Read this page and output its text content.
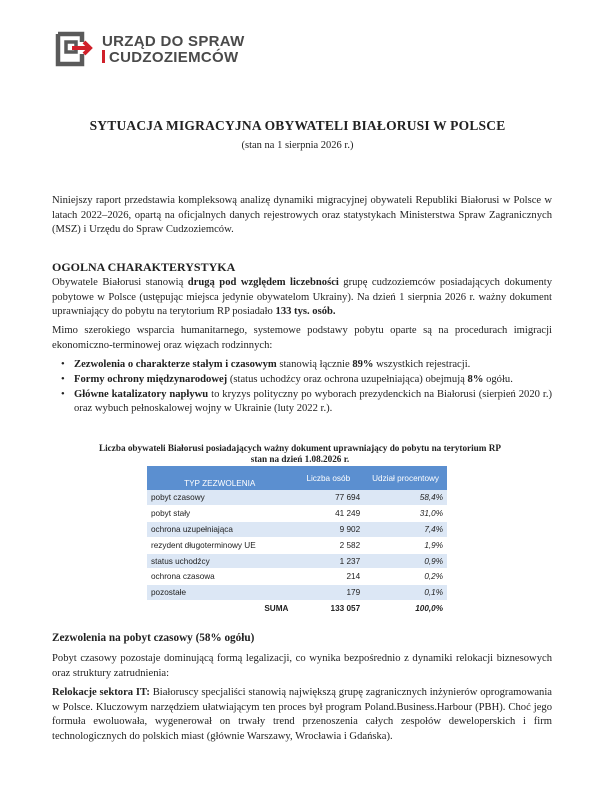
URZĄD DO SPRAW
CUDZOZIEMCÓW
SYTUACJA MIGRACYJNA OBYWATELI BIAŁORUSI W POLSCE
(stan na 1 sierpnia 2026 r.)
Niniejszy raport przedstawia kompleksową analizę dynamiki migracyjnej obywateli Republiki Białorusi w Polsce w latach 2022–2026, opartą na oficjalnych danych rejestrowych oraz statystykach Ministerstwa Spraw Zagranicznych (MSZ) i Urzędu do Spraw Cudzoziemców.
OGOLNA CHARAKTERYSTYKA
Obywatele Białorusi stanowią drugą pod względem liczebności grupę cudzoziemców posiadających dokumenty pobytowe w Polsce (ustępując miejsca jedynie obywatelom Ukrainy). Na dzień 1 sierpnia 2026 r. ważny dokument uprawniający do pobytu na terytorium RP posiadało 133 tys. osób.
Mimo szerokiego wsparcia humanitarnego, systemowe podstawy pobytu oparte są na procedurach imigracji ekonomiczno-terminowej oraz więzach rodzinnych:
• Zezwolenia o charakterze stałym i czasowym stanowią łącznie 89% wszystkich rejestracji.
• Formy ochrony międzynarodowej (status uchodźcy oraz ochrona uzupełniająca) obejmują 8% ogółu.
• Główne katalizatory napływu to kryzys polityczny po wyborach prezydenckich na Białorusi (sierpień 2020 r.) oraz wybuch pełnoskalowej wojny w Ukrainie (luty 2022 r.).
Liczba obywateli Białorusi posiadających ważny dokument uprawniający do pobytu na terytorium RP
stan na dzień 1.08.2026 r.
TYP ZEZWOLENIA	Liczba osób	Udział procentowy
pobyt czasowy	77 694	58,4%
pobyt stały	41 249	31,0%
ochrona uzupełniająca	9 902	7,4%
rezydent długoterminowy UE	2 582	1,9%
status uchodźcy	1 237	0,9%
ochrona czasowa	214	0,2%
pozostałe	179	0,1%
SUMA	133 057	100,0%
Zezwolenia na pobyt czasowy (58% ogółu)
Pobyt czasowy pozostaje dominującą formą legalizacji, co wynika bezpośrednio z dynamiki relokacji biznesowych oraz struktury zatrudnienia:
Relokacje sektora IT: Białoruscy specjaliści stanowią największą grupę zagranicznych inżynierów oprogramowania w Polsce. Kluczowym narzędziem ułatwiającym ten proces był program Poland.Business.Harbour (PBH). Choć jego formuła ewoluowała, wygenerował on trwały trend przenoszenia całych zespołów deweloperskich i firm technologicznych do polskich miast (głównie Warszawy, Wrocławia i Gdańska).
